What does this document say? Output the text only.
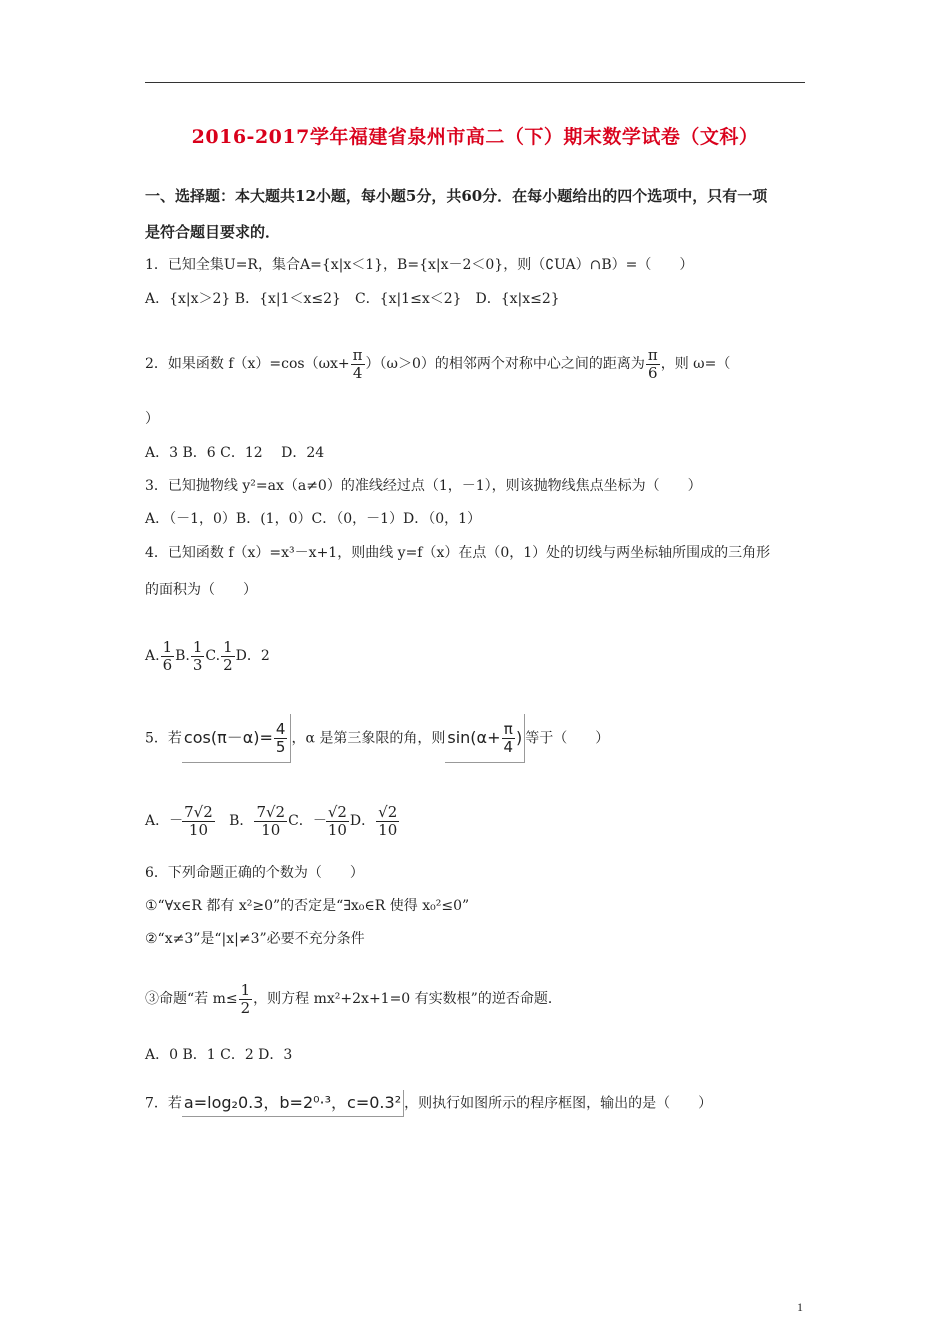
2016-2017学年福建省泉州市高二（下）期末数学试卷（文科）
一、选择题：本大题共12小题，每小题5分，共60分．在每小题给出的四个选项中，只有一项
是符合题目要求的．
1．已知全集U=R，集合A={x|x＜1}，B={x|x－2＜0}，则（∁UA）∩B）=（　　）
A．{x|x＞2} B．{x|1＜x≤2}　C．{x|1≤x＜2}　D．{x|x≤2}
2．如果函数 $f(x)=\cos(\omega x+ \frac{\pi}{4} )(\omega>0)$的相邻两个对称中心之间的距离为 $\frac{\pi}{6}$ ，则 ω=（
）
A．3 B．6 C．12　 D．24
3．已知抛物线 y²=ax（a≠0）的准线经过点（1，－1），则该抛物线焦点坐标为（　　）
A．（－1，0）B．(1，0）C．（0，－1）D．（0，1）
4．已知函数 f（x）=x³－x+1，则曲线 y=f（x）在点（0，1）处的切线与两坐标轴所围成的三角形
的面积为（　　）
A. $\frac{1}{6} B$. $\frac{1}{3} C$. $\frac{1}{2}$ D．2
5．若 $\cos(\pi-\alpha)= \frac{4}{5}$ ，α 是第三象限的角，则 $\sin(\alpha+ \frac{\pi}{4}$ ) 等于（　　）
A．－ $\frac{7√2}{10}$ B． $\frac{7√2}{10}$ C．－ $\frac{√2}{10}$ D． $\frac{√2}{10}$
6．下列命题正确的个数为（　　）
①“∀x∈R 都有 x²≥0”的否定是“∃x₀∈R 使得 x₀²≤0”
②“x≠3”是“|x|≠3”必要不充分条件
③命题“若 $m\le \frac{1}{2}$ ，则方程 mx²+2x+1=0 有实数根”的逆否命题．
A．0 B．1 C．2 D．3
7．若 a=log₂0.3，b=2⁰·³，c=0.3² ，则执行如图所示的程序框图，输出的是（　　）
1
